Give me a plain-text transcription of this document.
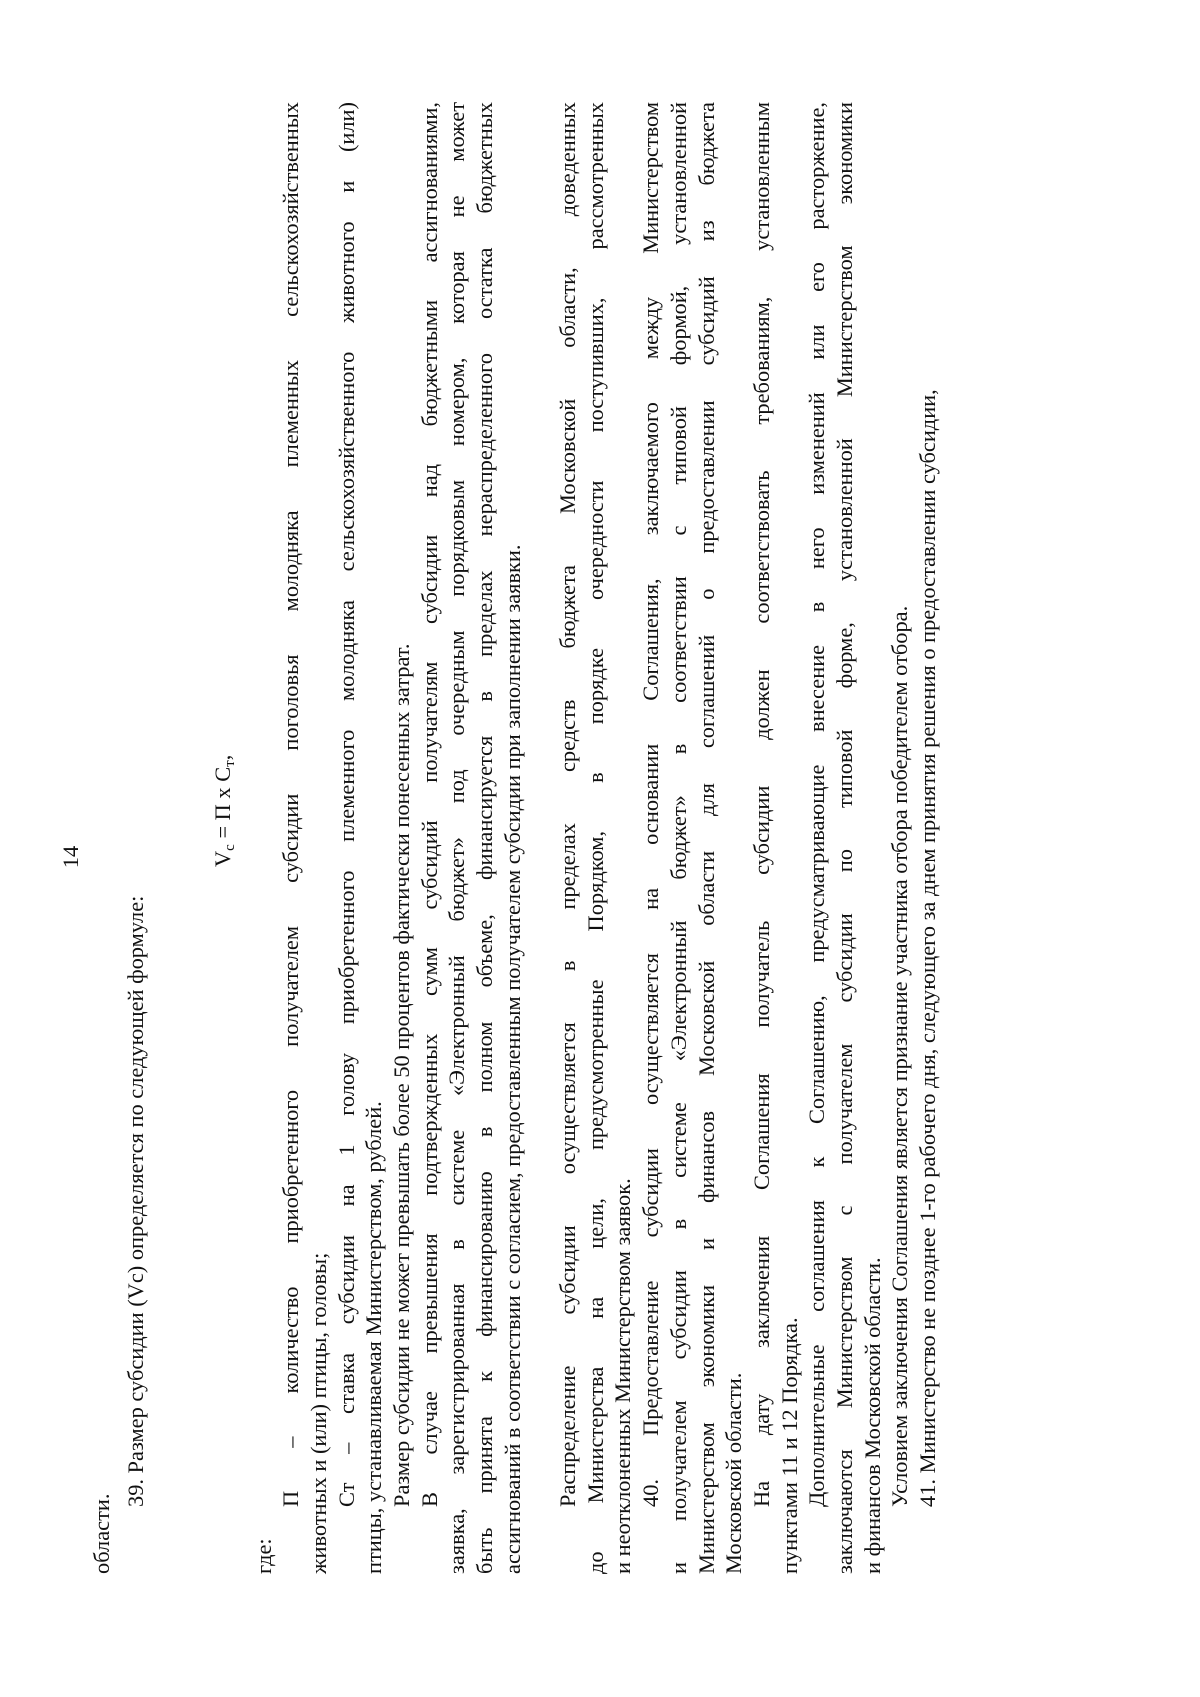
14
области.
39. Размер субсидии (Vс) определяется по следующей формуле:
$V_c = П$ x $С_т$,
где:
П – количество приобретенного получателем субсидии поголовья молодняка племенных сельскохозяйственных животных и (или) птицы, головы; Ст – ставка субсидии на 1 голову приобретенного племенного молодняка сельскохозяйственного животного и (или) птицы, устанавливаемая Министерством, рублей. Размер субсидии не может превышать более 50 процентов фактически понесенных затрат. В случае превышения подтвержденных сумм субсидий получателям субсидии над бюджетными ассигнованиями, заявка, зарегистрированная в системе «Электронный бюджет» под очередным порядковым номером, которая не может быть принята к финансированию в полном объеме, финансируется в пределах нераспределенного остатка бюджетных ассигнований в соответствии с согласием, предоставленным получателем субсидии при заполнении заявки. Распределение субсидии осуществляется в пределах средств бюджета Московской области, доведенных до Министерства на цели, предусмотренные Порядком, в порядке очередности поступивших, рассмотренных и неотклоненных Министерством заявок. 40. Предоставление субсидии осуществляется на основании Соглашения, заключаемого между Министерством и получателем субсидии в системе «Электронный бюджет» в соответствии с типовой формой, установленной Министерством экономики и финансов Московской области для соглашений о предоставлении субсидий из бюджета Московской области. На дату заключения Соглашения получатель субсидии должен соответствовать требованиям, установленным пунктами 11 и 12 Порядка. Дополнительные соглашения к Соглашению, предусматривающие внесение в него изменений или его расторжение, заключаются Министерством с получателем субсидии по типовой форме, установленной Министерством экономики и финансов Московской области. Условием заключения Соглашения является признание участника отбора победителем отбора. 41. Министерство не позднее 1-го рабочего дня, следующего за днем принятия решения о предоставлении субсидии,
